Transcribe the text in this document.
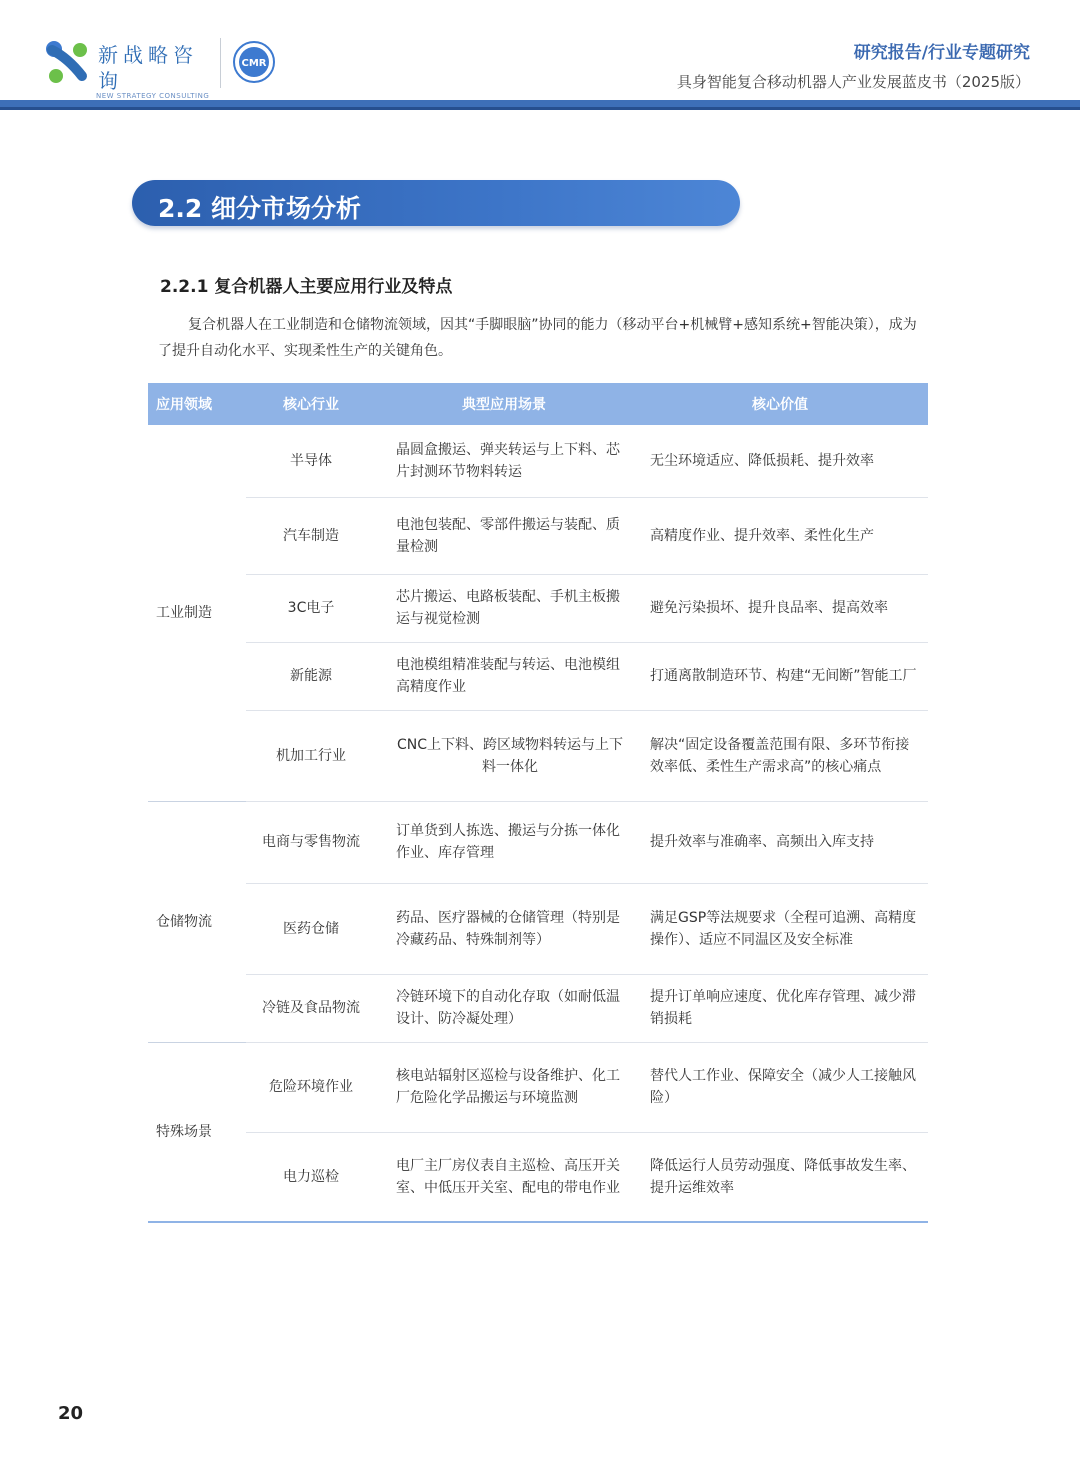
新战略咨询
NEW STRATEGY CONSULTING
CMR
研究报告/行业专题研究
具身智能复合移动机器人产业发展蓝皮书（2025版）
2.2 细分市场分析
2.2.1 复合机器人主要应用行业及特点
复合机器人在工业制造和仓储物流领域，因其“手脚眼脑”协同的能力（移动平台+机械臂+感知系统+智能决策），成为了提升自动化水平、实现柔性生产的关键角色。
应用领域	核心行业	典型应用场景	核心价值
工业制造	半导体	晶圆盒搬运、弹夹转运与上下料、芯片封测环节物料转运	无尘环境适应、降低损耗、提升效率
	汽车制造	电池包装配、零部件搬运与装配、质量检测	高精度作业、提升效率、柔性化生产
	3C电子	芯片搬运、电路板装配、手机主板搬运与视觉检测	避免污染损坏、提升良品率、提高效率
	新能源	电池模组精准装配与转运、电池模组高精度作业	打通离散制造环节、构建“无间断”智能工厂
	机加工行业	CNC上下料、跨区域物料转运与上下料一体化	解决“固定设备覆盖范围有限、多环节衔接效率低、柔性生产需求高”的核心痛点
仓储物流	电商与零售物流	订单货到人拣选、搬运与分拣一体化作业、库存管理	提升效率与准确率、高频出入库支持
	医药仓储	药品、医疗器械的仓储管理（特别是冷藏药品、特殊制剂等）	满足GSP等法规要求（全程可追溯、高精度操作）、适应不同温区及安全标准
	冷链及食品物流	冷链环境下的自动化存取（如耐低温设计、防冷凝处理）	提升订单响应速度、优化库存管理、减少滞销损耗
特殊场景	危险环境作业	核电站辐射区巡检与设备维护、化工厂危险化学品搬运与环境监测	替代人工作业、保障安全（减少人工接触风险）
	电力巡检	电厂主厂房仪表自主巡检、高压开关室、中低压开关室、配电的带电作业	降低运行人员劳动强度、降低事故发生率、提升运维效率
20
